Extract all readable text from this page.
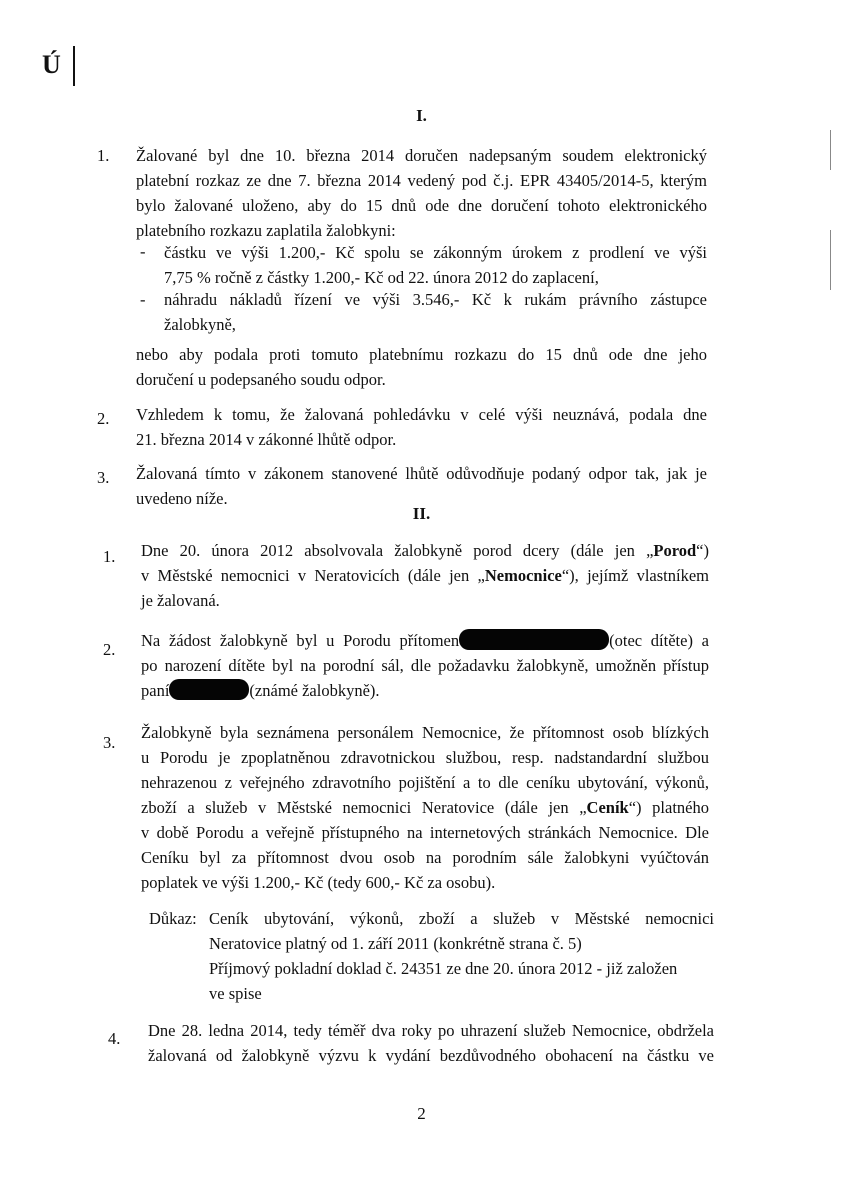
Ú
I.
1. Žalované byl dne 10. března 2014 doručen nadepsaným soudem elektronický
platební rozkaz ze dne 7. března 2014 vedený pod č.j. EPR 43405/2014-5, kterým
bylo žalované uloženo, aby do 15 dnů ode dne doručení tohoto elektronického
platebního rozkazu zaplatila žalobkyni:
- částku ve výši 1.200,- Kč spolu se zákonným úrokem z prodlení ve výši
7,75 % ročně z částky 1.200,- Kč od 22. února 2012 do zaplacení,
- náhradu nákladů řízení ve výši 3.546,- Kč k rukám právního zástupce
žalobkyně,
nebo aby podala proti tomuto platebnímu rozkazu do 15 dnů ode dne jeho
doručení u podepsaného soudu odpor.
2. Vzhledem k tomu, že žalovaná pohledávku v celé výši neuznává, podala dne
21. března 2014 v zákonné lhůtě odpor.
3. Žalovaná tímto v zákonem stanovené lhůtě odůvodňuje podaný odpor tak, jak je
uvedeno níže.
II.
1. Dne 20. února 2012 absolvovala žalobkyně porod dcery (dále jen „Porod“)
v Městské nemocnici v Neratovicích (dále jen „Nemocnice“), jejímž vlastníkem
je žalovaná.
2. Na žádost žalobkyně byl u Porodu přítomen	(otec dítěte) a
po narození dítěte byl na porodní sál, dle požadavku žalobkyně, umožněn přístup
paní	(známé žalobkyně).
3.
Žalobkyně byla seznámena personálem Nemocnice, že přítomnost osob blízkých
u Porodu je zpoplatněnou zdravotnickou službou, resp. nadstandardní službou
nehrazenou z veřejného zdravotního pojištění a to dle ceníku ubytování, výkonů,
zboží a služeb v Městské nemocnici Neratovice (dále jen „Ceník“) platného
v době Porodu a veřejně přístupného na internetových stránkách Nemocnice. Dle
Ceníku byl za přítomnost dvou osob na porodním sále žalobkyni vyúčtován
poplatek ve výši 1.200,- Kč (tedy 600,- Kč za osobu).
Důkaz: Ceník ubytování, výkonů, zboží a služeb v Městské nemocnici
Neratovice platný od 1. září 2011 (konkrétně strana č. 5)
Příjmový pokladní doklad č. 24351 ze dne 20. února 2012 - již založen
ve spise
4. Dne 28. ledna 2014, tedy téměř dva roky po uhrazení služeb Nemocnice, obdržela
žalovaná od žalobkyně výzvu k vydání bezdůvodného obohacení na částku ve
2
